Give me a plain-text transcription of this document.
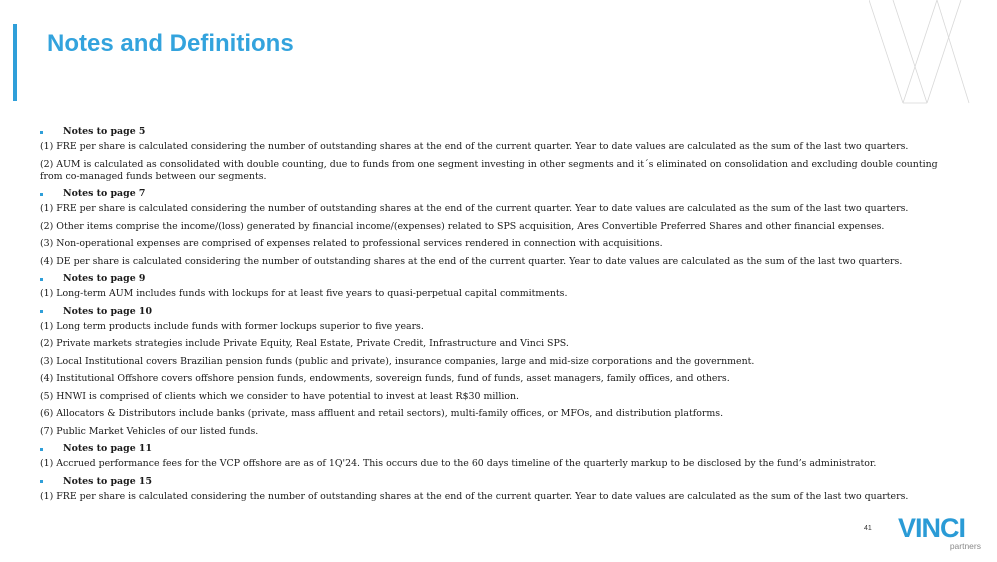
Notes and Definitions
Notes to page 5
(1) FRE per share is calculated considering the number of outstanding shares at the end of the current quarter. Year to date values are calculated as the sum of the last two quarters.
(2) AUM is calculated as consolidated with double counting, due to funds from one segment investing in other segments and it´s eliminated on consolidation and excluding double counting from co-managed funds between our segments.
Notes to page 7
(1) FRE per share is calculated considering the number of outstanding shares at the end of the current quarter. Year to date values are calculated as the sum of the last two quarters.
(2) Other items comprise the income/(loss) generated by financial income/(expenses) related to SPS acquisition, Ares Convertible Preferred Shares and other financial expenses.
(3) Non-operational expenses are comprised of expenses related to professional services rendered in connection with acquisitions.
(4) DE per share is calculated considering the number of outstanding shares at the end of the current quarter. Year to date values are calculated as the sum of the last two quarters.
Notes to page 9
(1) Long-term AUM includes funds with lockups for at least five years to quasi-perpetual capital commitments.
Notes to page 10
(1) Long term products include funds with former lockups superior to five years.
(2) Private markets strategies include Private Equity, Real Estate, Private Credit, Infrastructure and Vinci SPS.
(3) Local Institutional covers Brazilian pension funds (public and private), insurance companies, large and mid-size corporations and the government.
(4) Institutional Offshore covers offshore pension funds, endowments, sovereign funds, fund of funds, asset managers, family offices, and others.
(5) HNWI is comprised of clients which we consider to have potential to invest at least R$30 million.
(6) Allocators & Distributors include banks (private, mass affluent and retail sectors), multi-family offices, or MFOs, and distribution platforms.
(7) Public Market Vehicles of our listed funds.
Notes to page 11
(1) Accrued performance fees for the VCP offshore are as of 1Q'24. This occurs due to the 60 days timeline of the quarterly markup to be disclosed by the fund’s administrator.
Notes to page 15
(1) FRE per share is calculated considering the number of outstanding shares at the end of the current quarter. Year to date values are calculated as the sum of the last two quarters.
41 VINCI
partners
